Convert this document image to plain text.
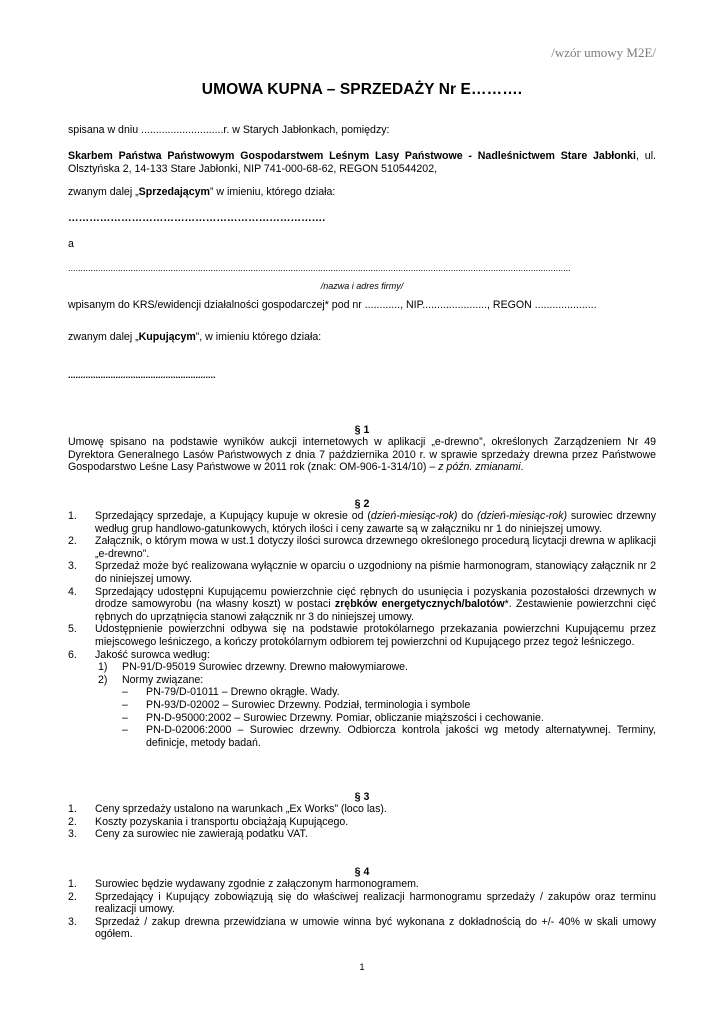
/wzór umowy M2E/
UMOWA KUPNA – SPRZEDAŻY Nr E……….
spisana w dniu ............................r. w Starych Jabłonkach, pomiędzy:
Skarbem Państwa Państwowym Gospodarstwem Leśnym Lasy Państwowe - Nadleśnictwem Stare Jabłonki, ul. Olsztyńska 2, 14-133 Stare Jabłonki, NIP 741-000-68-62, REGON 510544202,
zwanym dalej „Sprzedającym” w imieniu, którego działa:
……………………………………………………………….
a
.........................................................................................................................................................................................................
/nazwa i adres firmy/
wpisanym do KRS/ewidencji działalności gospodarczej* pod nr ............, NIP......................, REGON .....................
zwanym dalej „Kupującym”, w imieniu którego działa:
...........................................................
§ 1
Umowę spisano na podstawie wyników aukcji internetowych w aplikacji „e-drewno”, określonych Zarządzeniem Nr 49 Dyrektora Generalnego Lasów Państwowych z dnia 7 października 2010 r. w sprawie sprzedaży drewna przez Państwowe Gospodarstwo Leśne Lasy Państwowe w 2011 rok (znak: OM-906-1-314/10) – z późn. zmianami.
§ 2
1. Sprzedający sprzedaje, a Kupujący kupuje w okresie od (dzień-miesiąc-rok) do (dzień-miesiąc-rok) surowiec drzewny według grup handlowo-gatunkowych, których ilości i ceny zawarte są w załączniku nr 1 do niniejszej umowy.
2. Załącznik, o którym mowa w ust.1 dotyczy ilości surowca drzewnego określonego procedurą licytacji drewna w aplikacji „e-drewno”.
3. Sprzedaż może być realizowana wyłącznie w oparciu o uzgodniony na piśmie harmonogram, stanowiący załącznik nr 2 do niniejszej umowy.
4. Sprzedający udostępni Kupującemu powierzchnie cięć rębnych do usunięcia i pozyskania pozostałości drzewnych w drodze samowyrobu (na własny koszt) w postaci zrębków energetycznych/balotów*. Zestawienie powierzchni cięć rębnych do uprzątnięcia stanowi załącznik nr 3 do niniejszej umowy.
5. Udostępnienie powierzchni odbywa się na podstawie protokólarnego przekazania powierzchni Kupującemu przez miejscowego leśniczego, a kończy protokólarnym odbiorem tej powierzchni od Kupującego przez tegoż leśniczego.
6. Jakość surowca według:
1) PN-91/D-95019 Surowiec drzewny. Drewno małowymiarowe.
2) Normy związane:
– PN-79/D-01011 – Drewno okrągłe. Wady.
– PN-93/D-02002 – Surowiec Drzewny. Podział, terminologia i symbole
– PN-D-95000:2002 – Surowiec Drzewny. Pomiar, obliczanie miąższości i cechowanie.
– PN-D-02006:2000 – Surowiec drzewny. Odbiorcza kontrola jakości wg metody alternatywnej. Terminy, definicje, metody badań.
§ 3
1. Ceny sprzedaży ustalono na warunkach „Ex Works” (loco las).
2. Koszty pozyskania i transportu obciążają Kupującego.
3. Ceny za surowiec nie zawierają podatku VAT.
§ 4
1. Surowiec będzie wydawany zgodnie z załączonym harmonogramem.
2. Sprzedający i Kupujący zobowiązują się do właściwej realizacji harmonogramu sprzedaży / zakupów oraz terminu realizacji umowy.
3. Sprzedaż / zakup drewna przewidziana w umowie winna być wykonana z dokładnością do +/- 40% w skali umowy ogółem.
1
